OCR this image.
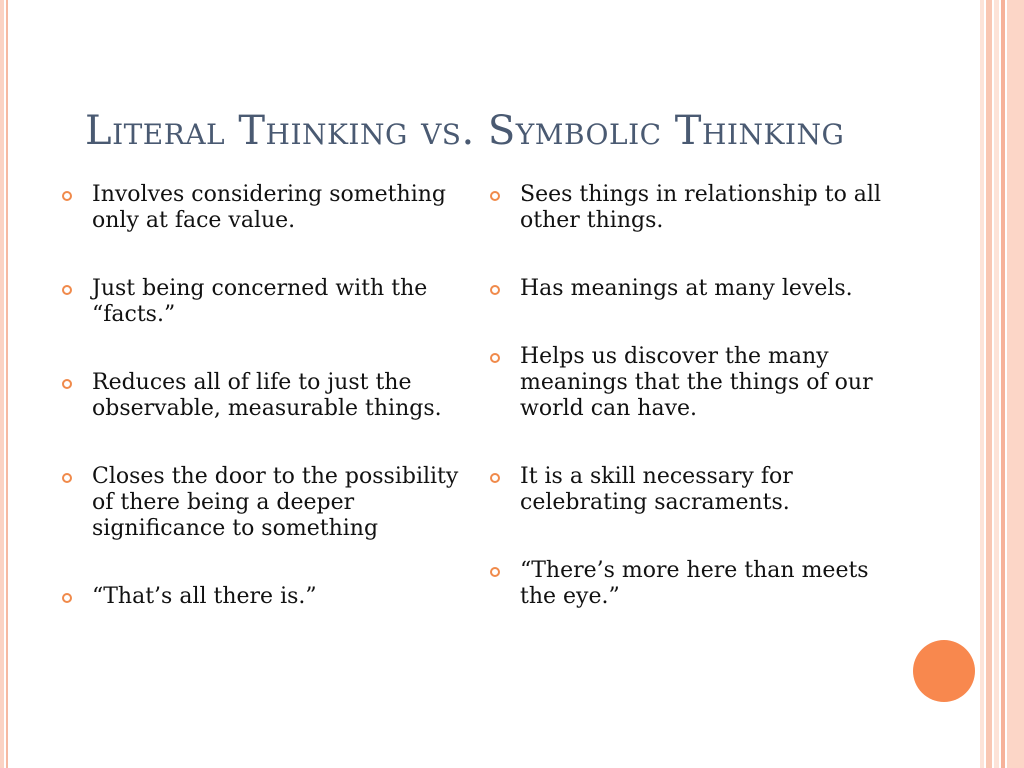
Literal Thinking vs. Symbolic Thinking
Involves considering something only at face value.
Just being concerned with the “facts.”
Reduces all of life to just the observable, measurable things.
Closes the door to the possibility of there being a deeper significance to something
“That’s all there is.”
Sees things in relationship to all other things.
Has meanings at many levels.
Helps us discover the many meanings that the things of our world can have.
It is a skill necessary for celebrating sacraments.
“There’s more here than meets the eye.”
